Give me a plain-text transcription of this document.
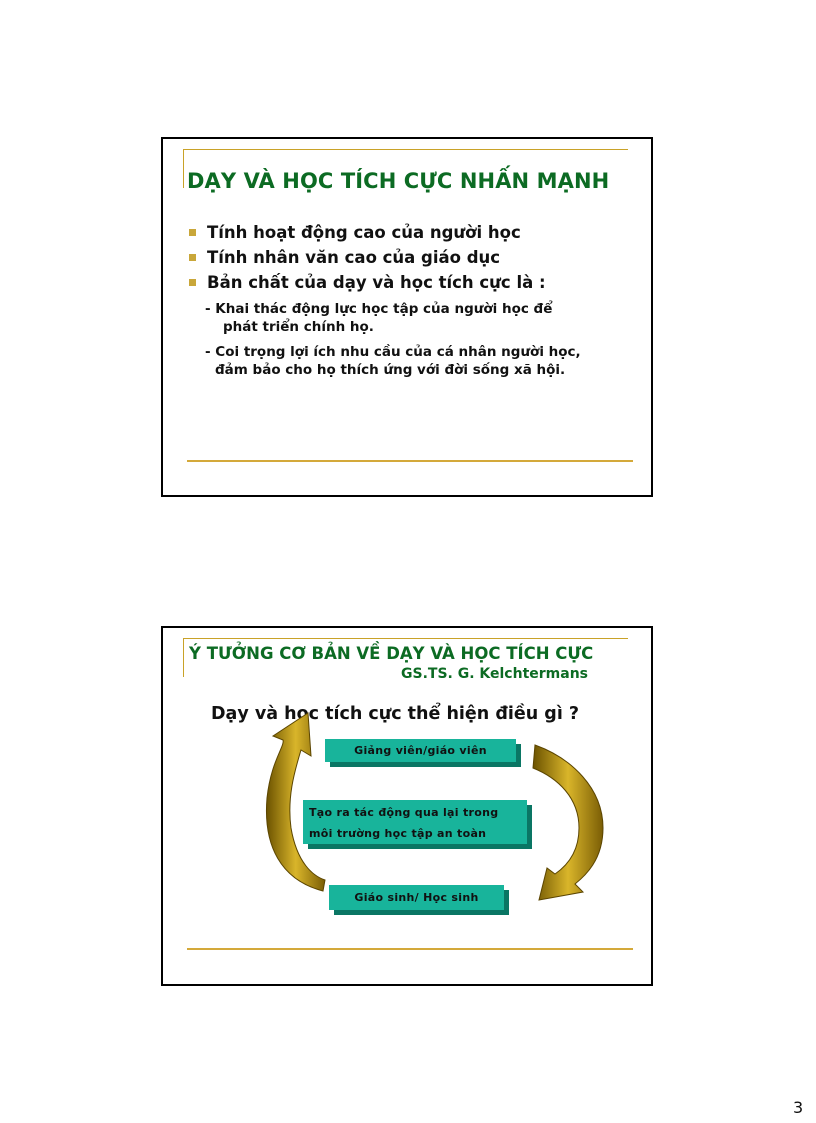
DẠY VÀ HỌC TÍCH CỰC NHẤN MẠNH
Tính hoạt động cao của người học
Tính nhân văn cao của giáo dục
Bản chất của dạy và học tích cực là :
- Khai thác động lực học tập của người học để
phát triển chính họ.
- Coi trọng lợi ích nhu cầu của cá nhân người học,
đảm bảo cho họ thích ứng với đời sống xã hội.
Ý TƯỞNG CƠ BẢN VỀ DẠY VÀ HỌC TÍCH CỰC
GS.TS. G. Kelchtermans
Dạy và học tích cực thể hiện điều gì ?
Giảng viên/giáo viên
Tạo ra tác động qua lại trong
môi trường học tập an toàn
Giáo sinh/ Học sinh
3
